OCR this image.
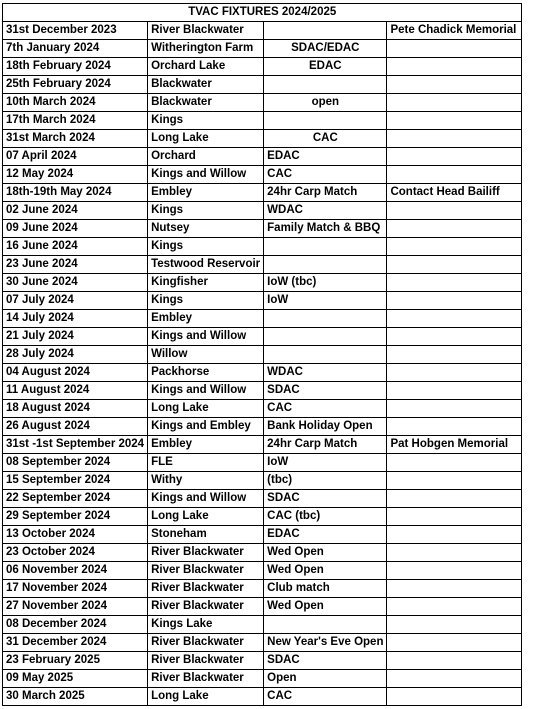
TVAC FIXTURES 2024/2025			
31st December 2023	River Blackwater		Pete Chadick Memorial
7th January 2024	Witherington Farm	SDAC/EDAC	
18th February 2024	Orchard Lake	EDAC	
25th February 2024	Blackwater		
10th March 2024	Blackwater	open	
17th March 2024	Kings		
31st March 2024	Long Lake	CAC	
07 April 2024	Orchard	EDAC	
12 May 2024	Kings and Willow	CAC	
18th-19th May 2024	Embley	24hr Carp Match	Contact Head Bailiff
02 June 2024	Kings	WDAC	
09 June 2024	Nutsey	Family Match & BBQ	
16 June 2024	Kings		
23 June 2024	Testwood Reservoir		
30 June 2024	Kingfisher	IoW (tbc)	
07 July 2024	Kings	IoW	
14 July 2024	Embley		
21 July 2024	Kings and Willow		
28 July 2024	Willow		
04 August 2024	Packhorse	WDAC	
11 August 2024	Kings and Willow	SDAC	
18 August 2024	Long Lake	CAC	
26 August 2024	Kings and Embley	Bank Holiday Open	
31st -1st September 2024	Embley	24hr Carp Match	Pat Hobgen Memorial
08 September 2024	FLE	IoW	
15 September 2024	Withy	(tbc)	
22 September 2024	Kings and Willow	SDAC	
29 September 2024	Long Lake	CAC (tbc)	
13 October 2024	Stoneham	EDAC	
23 October 2024	River Blackwater	Wed Open	
06 November 2024	River Blackwater	Wed Open	
17 November 2024	River Blackwater	Club match	
27 November 2024	River Blackwater	Wed Open	
08 December 2024	Kings Lake		
31 December 2024	River Blackwater	New Year's Eve Open	
23 February 2025	River Blackwater	SDAC	
09 May 2025	River Blackwater	Open	
30 March 2025	Long Lake	CAC	
